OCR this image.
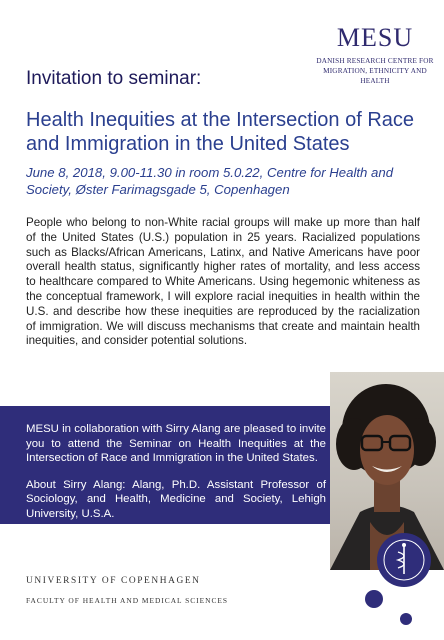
MESU
DANISH RESEARCH CENTRE FOR
MIGRATION, ETHNICITY AND HEALTH
Invitation to seminar:
Health Inequities at the Intersection of Race and Immigration in the United States
June 8, 2018, 9.00-11.30 in room 5.0.22, Centre for Health and Society, Øster Farimagsgade 5, Copenhagen
People who belong to non-White racial groups will make up more than half of the United States (U.S.) population in 25 years. Racialized populations such as Blacks/African Americans, Latinx, and Native Americans have poor overall health status, significantly higher rates of mortality, and less access to healthcare compared to White Americans. Using hegemonic whiteness as the conceptual framework, I will explore racial inequities in health within the U.S. and describe how these inequities are reproduced by the racialization of immigration. We will discuss mechanisms that create and maintain health inequities, and consider potential solutions.

MESU in collaboration with Sirry Alang are pleased to invite you to attend the Seminar on Health Inequities at the Intersection of Race and Immigration in the United States.

About Sirry Alang: Alang, Ph.D. Assistant Professor of Sociology, and Health, Medicine and Society, Lehigh University, U.S.A.

UNIVERSITY OF COPENHAGEN
FACULTY OF HEALTH AND MEDICAL SCIENCES
